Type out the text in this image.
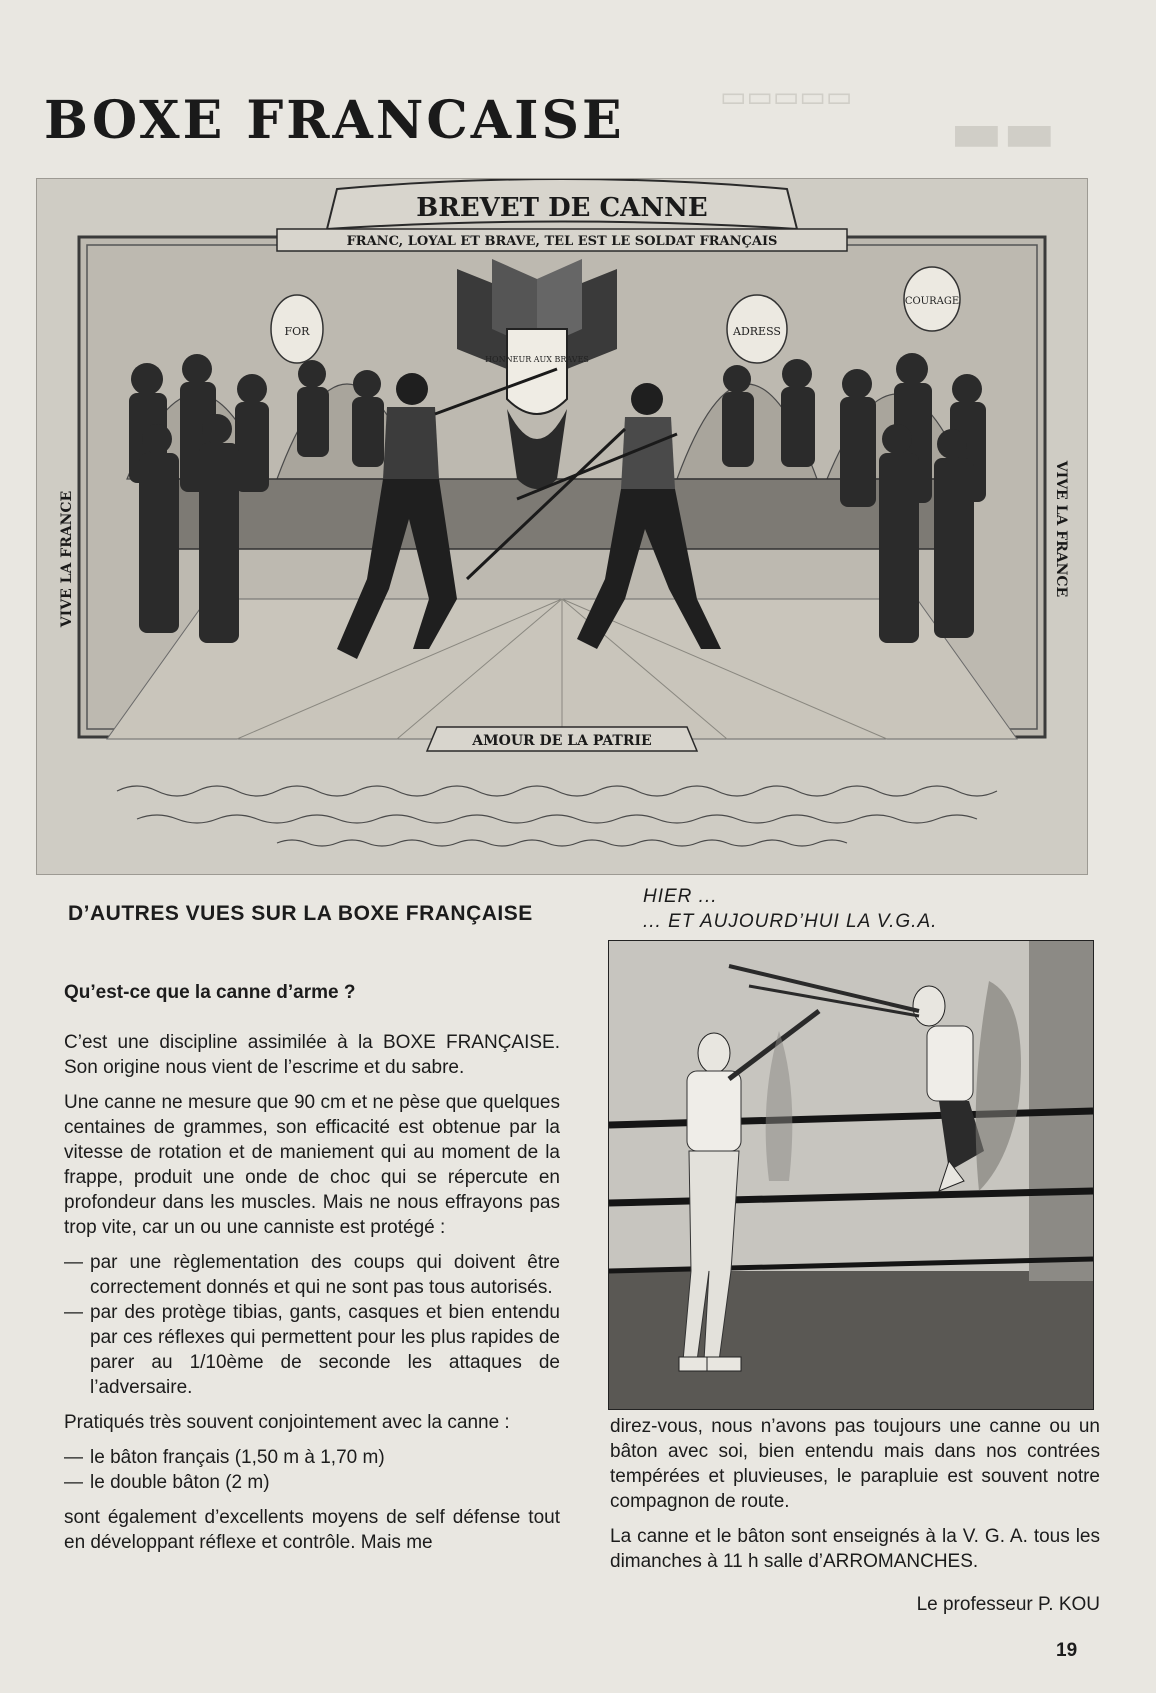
▭▭▭▭▭
▬▬
BOXE FRANCAISE
HONNEUR AUX BRAVES
BREVET DE CANNE
FRANC, LOYAL ET BRAVE, TEL EST LE SOLDAT FRANÇAIS
FOR	ADRESS
COURAGE
VIVE LA FRANCE	VIVE LA FRANCE
AMOUR DE LA PATRIE
D’AUTRES VUES SUR LA BOXE FRANÇAISE

Qu’est-ce que la canne d’arme ?

C’est une discipline assimilée à la BOXE FRANÇAISE. Son origine nous vient de l’escrime et du sabre.

Une canne ne mesure que 90 cm et ne pèse que quelques centaines de grammes, son efficacité est obtenue par la vitesse de rotation et de maniement qui au moment de la frappe, produit une onde de choc qui se répercute en profondeur dans les muscles. Mais ne nous effrayons pas trop vite, car un ou une canniste est protégé :

— par une règlementation des coups qui doivent être correctement donnés et qui ne sont pas tous autorisés.
— par des protège tibias, gants, casques et bien entendu par ces réflexes qui permettent pour les plus rapides de parer au 1/10ème de seconde les attaques de l’adversaire.

Pratiqués très souvent conjointement avec la canne :

— le bâton français (1,50 m à 1,70 m)
— le double bâton (2 m)

sont également d’excellents moyens de self défense tout en développant réflexe et contrôle. Mais me

HIER ...
... ET AUJOURD’HUI LA V.G.A.

direz-vous, nous n’avons pas toujours une canne ou un bâton avec soi, bien entendu mais dans nos contrées tempérées et pluvieuses, le parapluie est souvent notre compagnon de route.

La canne et le bâton sont enseignés à la V. G. A. tous les dimanches à 11 h salle d’ARROMANCHES.

Le professeur P. KOU

19
